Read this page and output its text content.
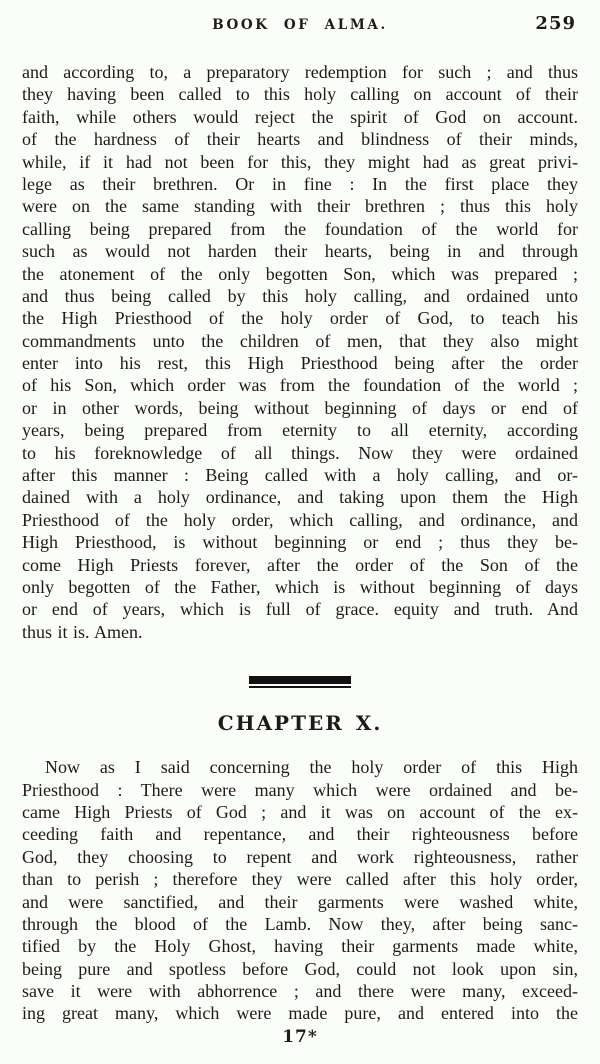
BOOK OF ALMA.	259
and according to, a preparatory redemption for such ; and thus
they having been called to this holy calling on account of their
faith, while others would reject the spirit of God on account.
of the hardness of their hearts and blindness of their minds,
while, if it had not been for this, they might had as great privi-
lege as their brethren. Or in fine : In the first place they
were on the same standing with their brethren ; thus this holy
calling being prepared from the foundation of the world for
such as would not harden their hearts, being in and through
the atonement of the only begotten Son, which was prepared ;
and thus being called by this holy calling, and ordained unto
the High Priesthood of the holy order of God, to teach his
commandments unto the children of men, that they also might
enter into his rest, this High Priesthood being after the order
of his Son, which order was from the foundation of the world ;
or in other words, being without beginning of days or end of
years, being prepared from eternity to all eternity, according
to his foreknowledge of all things. Now they were ordained
after this manner : Being called with a holy calling, and or-
dained with a holy ordinance, and taking upon them the High
Priesthood of the holy order, which calling, and ordinance, and
High Priesthood, is without beginning or end ; thus they be-
come High Priests forever, after the order of the Son of the
only begotten of the Father, which is without beginning of days
or end of years, which is full of grace. equity and truth. And
thus it is. Amen.
CHAPTER X.
Now as I said concerning the holy order of this High
Priesthood : There were many which were ordained and be-
came High Priests of God ; and it was on account of the ex-
ceeding faith and repentance, and their righteousness before
God, they choosing to repent and work righteousness, rather
than to perish ; therefore they were called after this holy order,
and were sanctified, and their garments were washed white,
through the blood of the Lamb. Now they, after being sanc-
tified by the Holy Ghost, having their garments made white,
being pure and spotless before God, could not look upon sin,
save it were with abhorrence ; and there were many, exceed-
ing great many, which were made pure, and entered into the
17*
